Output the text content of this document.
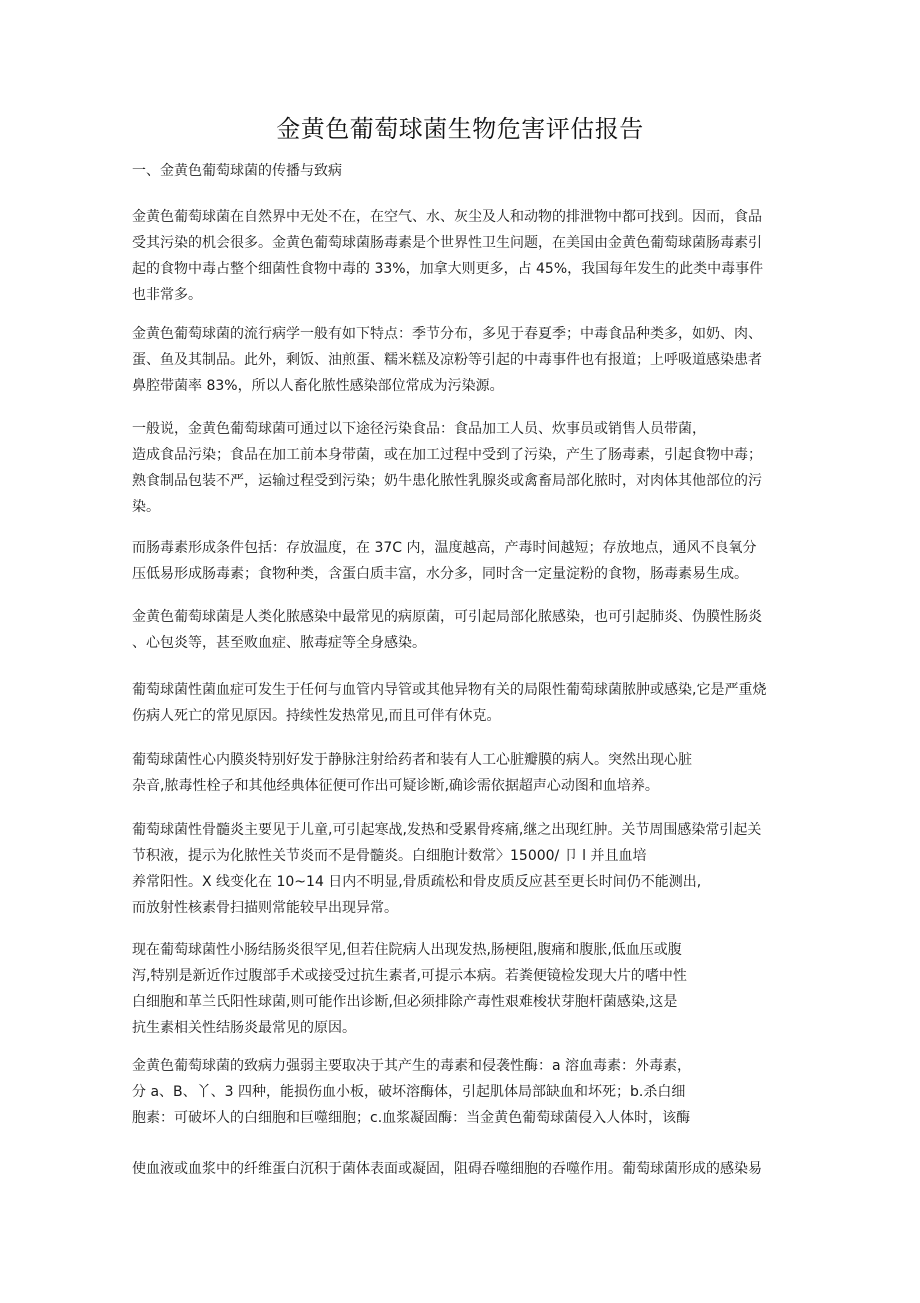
金黄色葡萄球菌生物危害评估报告
一、金黄色葡萄球菌的传播与致病
金黄色葡萄球菌在自然界中无处不在，在空气、水、灰尘及人和动物的排泄物中都可找到。因而，食品
受其污染的机会很多。金黄色葡萄球菌肠毒素是个世界性卫生问题，在美国由金黄色葡萄球菌肠毒素引
起的食物中毒占整个细菌性食物中毒的 33%，加拿大则更多，占 45%，我国每年发生的此类中毒事件
也非常多。
金黄色葡萄球菌的流行病学一般有如下特点：季节分布，多见于春夏季；中毒食品种类多，如奶、肉、
蛋、鱼及其制品。此外，剩饭、油煎蛋、糯米糕及凉粉等引起的中毒事件也有报道；上呼吸道感染患者
鼻腔带菌率 83%，所以人畜化脓性感染部位常成为污染源。
一般说，金黄色葡萄球菌可通过以下途径污染食品：食品加工人员、炊事员或销售人员带菌，
造成食品污染；食品在加工前本身带菌，或在加工过程中受到了污染，产生了肠毒素，引起食物中毒；
熟食制品包装不严，运输过程受到污染；奶牛患化脓性乳腺炎或禽畜局部化脓时，对肉体其他部位的污
染。
而肠毒素形成条件包括：存放温度，在 37C 内，温度越高，产毒时间越短；存放地点，通风不良氧分
压低易形成肠毒素；食物种类，含蛋白质丰富，水分多，同时含一定量淀粉的食物，肠毒素易生成。
金黄色葡萄球菌是人类化脓感染中最常见的病原菌，可引起局部化脓感染，也可引起肺炎、伪膜性肠炎
、心包炎等，甚至败血症、脓毒症等全身感染。
葡萄球菌性菌血症可发生于任何与血管内导管或其他异物有关的局限性葡萄球菌脓肿或感染,它是严重烧
伤病人死亡的常见原因。持续性发热常见,而且可伴有休克。
葡萄球菌性心内膜炎特别好发于静脉注射给药者和装有人工心脏瓣膜的病人。突然出现心脏
杂音,脓毒性栓子和其他经典体征便可作出可疑诊断,确诊需依据超声心动图和血培养。
葡萄球菌性骨髓炎主要见于儿童,可引起寒战,发热和受累骨疼痛,继之出现红肿。关节周围感染常引起关
节积液，提示为化脓性关节炎而不是骨髓炎。白细胞计数常〉15000/ 卩 l 并且血培
养常阳性。X 线变化在 10~14 日内不明显,骨质疏松和骨皮质反应甚至更长时间仍不能测出,
而放射性核素骨扫描则常能较早出现异常。
现在葡萄球菌性小肠结肠炎很罕见,但若住院病人出现发热,肠梗阻,腹痛和腹胀,低血压或腹
泻,特别是新近作过腹部手术或接受过抗生素者,可提示本病。若粪便镜检发现大片的嗜中性
白细胞和革兰氏阳性球菌,则可能作出诊断,但必须排除产毒性艰难梭状芽胞杆菌感染,这是
抗生素相关性结肠炎最常见的原因。
金黄色葡萄球菌的致病力强弱主要取决于其产生的毒素和侵袭性酶：a 溶血毒素：外毒素，
分 a、B、丫、3 四种，能损伤血小板，破坏溶酶体，引起肌体局部缺血和坏死；b.杀白细
胞素：可破坏人的白细胞和巨噬细胞；c.血浆凝固酶：当金黄色葡萄球菌侵入人体时，该酶
使血液或血浆中的纤维蛋白沉积于菌体表面或凝固，阻碍吞噬细胞的吞噬作用。葡萄球菌形成的感染易
